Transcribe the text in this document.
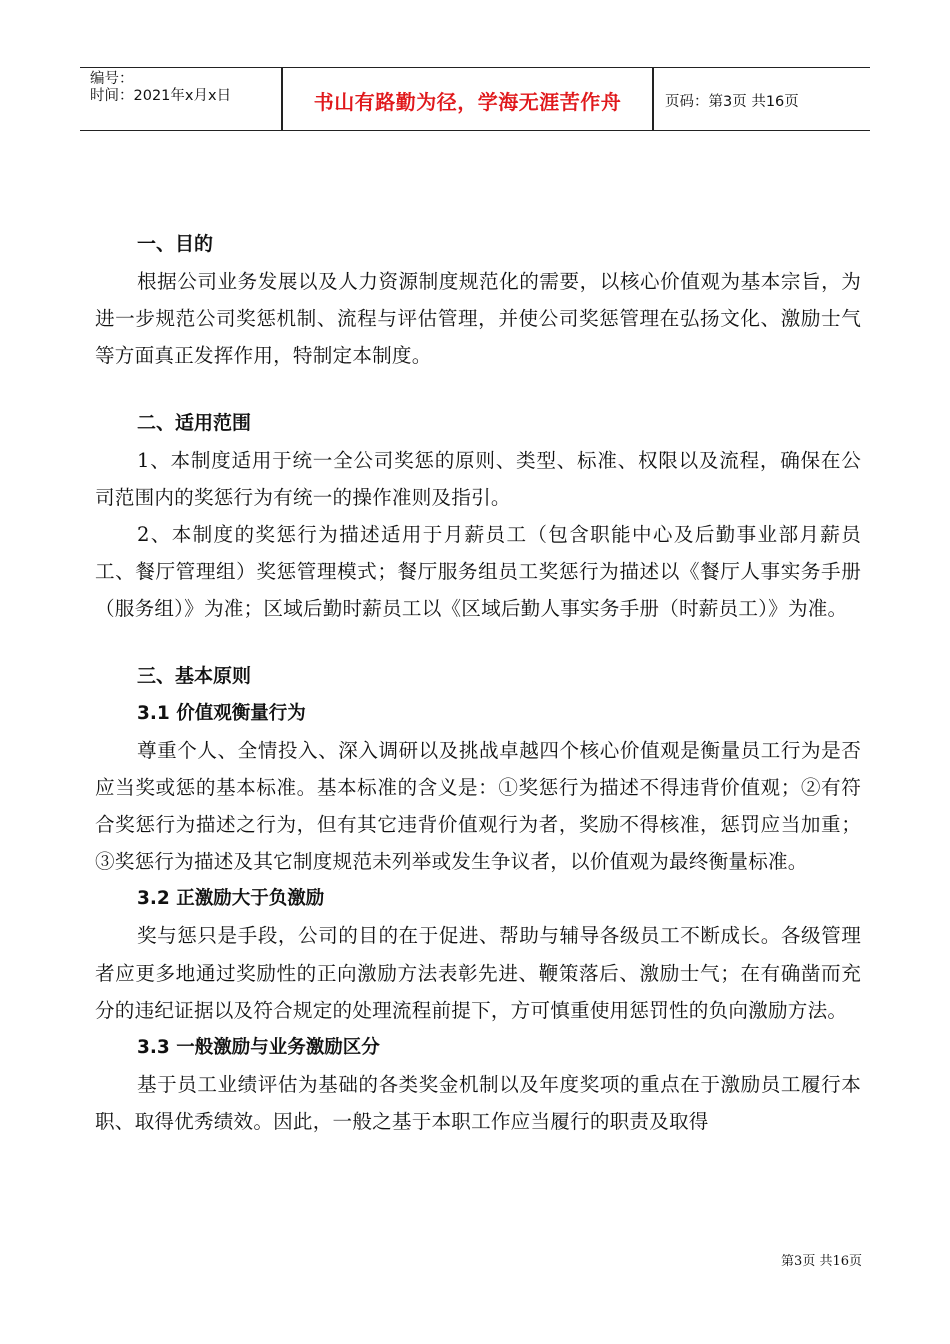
编号：
时间：2021年x月x日	书山有路勤为径，学海无涯苦作舟	页码：第3页 共16页

一、目的

根据公司业务发展以及人力资源制度规范化的需要，以核心价值观为基本宗旨，为进一步规范公司奖惩机制、流程与评估管理，并使公司奖惩管理在弘扬文化、激励士气等方面真正发挥作用，特制定本制度。

二、适用范围

1、本制度适用于统一全公司奖惩的原则、类型、标准、权限以及流程，确保在公司范围内的奖惩行为有统一的操作准则及指引。

2、本制度的奖惩行为描述适用于月薪员工（包含职能中心及后勤事业部月薪员工、餐厅管理组）奖惩管理模式；餐厅服务组员工奖惩行为描述以《餐厅人事实务手册（服务组）》为准；区域后勤时薪员工以《区域后勤人事实务手册（时薪员工）》为准。

三、基本原则

3.1 价值观衡量行为

尊重个人、全情投入、深入调研以及挑战卓越四个核心价值观是衡量员工行为是否应当奖或惩的基本标准。基本标准的含义是：①奖惩行为描述不得违背价值观；②有符合奖惩行为描述之行为，但有其它违背价值观行为者，奖励不得核准，惩罚应当加重；③奖惩行为描述及其它制度规范未列举或发生争议者，以价值观为最终衡量标准。

3.2 正激励大于负激励

奖与惩只是手段，公司的目的在于促进、帮助与辅导各级员工不断成长。各级管理者应更多地通过奖励性的正向激励方法表彰先进、鞭策落后、激励士气；在有确凿而充分的违纪证据以及符合规定的处理流程前提下，方可慎重使用惩罚性的负向激励方法。

3.3 一般激励与业务激励区分

基于员工业绩评估为基础的各类奖金机制以及年度奖项的重点在于激励员工履行本职、取得优秀绩效。因此，一般之基于本职工作应当履行的职责及取得

第3页 共16页
